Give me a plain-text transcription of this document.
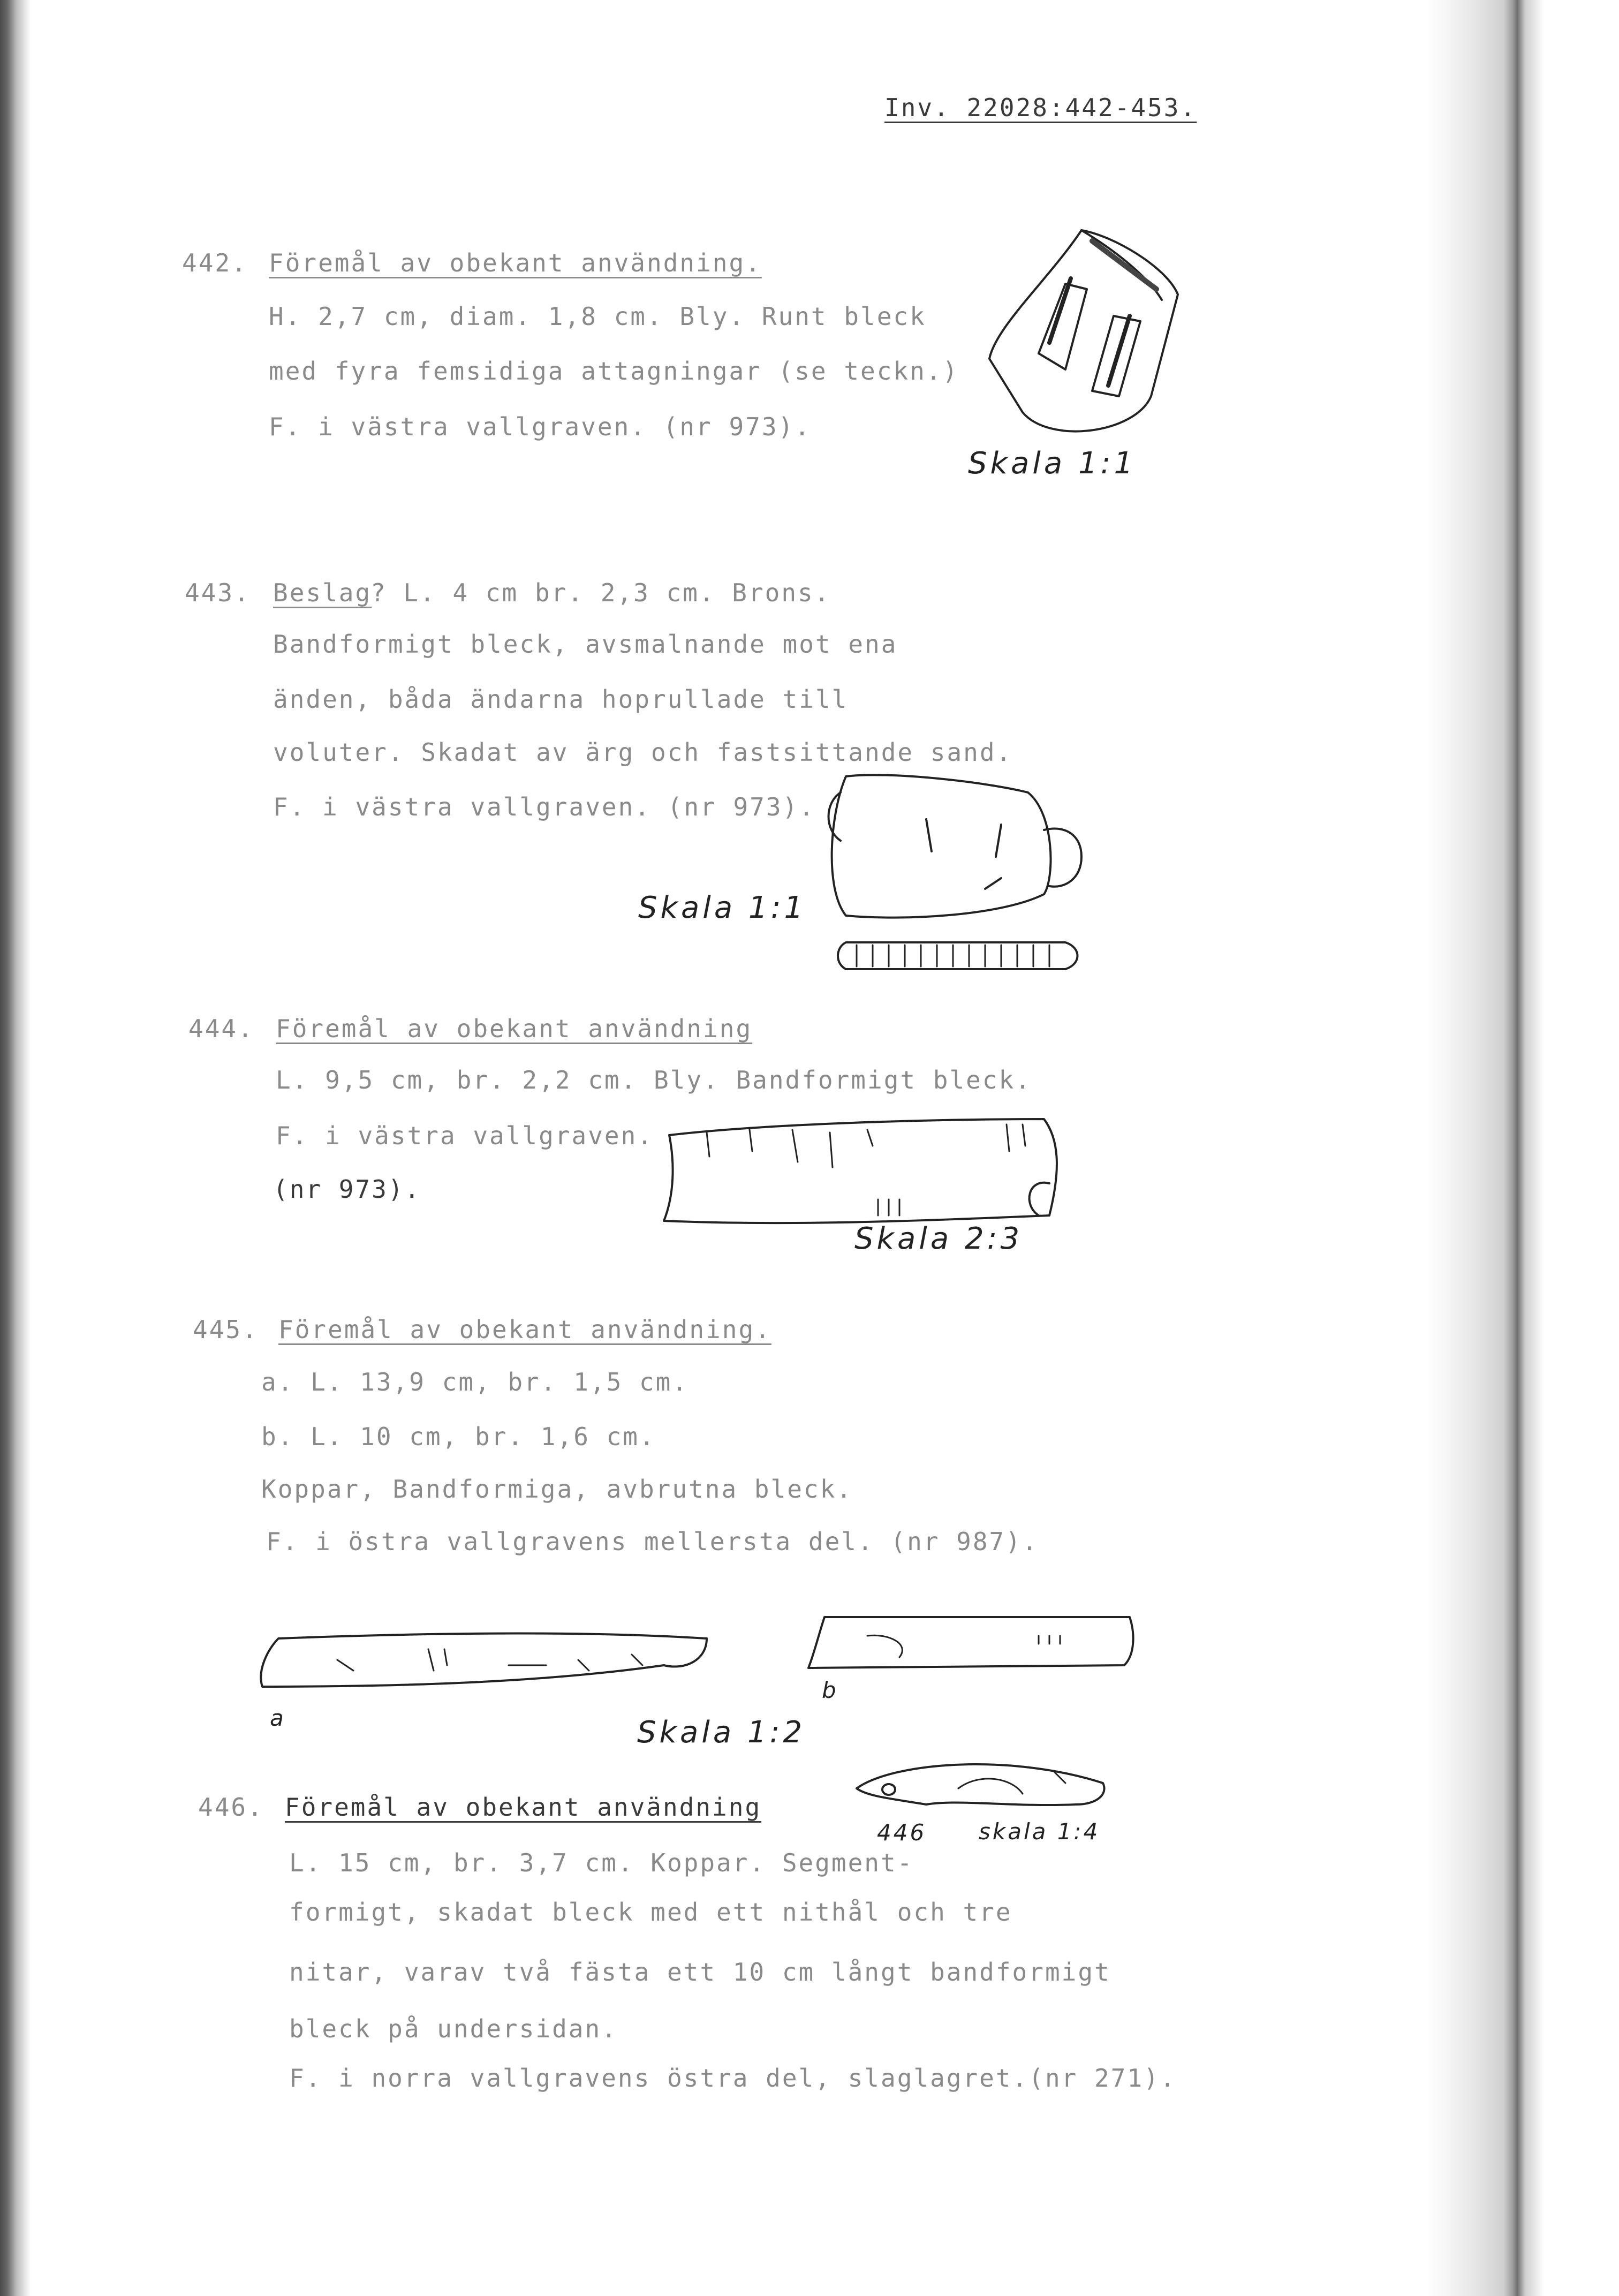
Inv. 22028:442-453.
442. Föremål av obekant användning.
H. 2,7 cm, diam. 1,8 cm. Bly. Runt bleck
med fyra femsidiga attagningar (se teckn.)
F. i västra vallgraven. (nr 973).
Skala 1:1
443. Beslag
? L. 4 cm br. 2,3 cm. Brons.
Bandformigt bleck, avsmalnande mot ena
änden, båda ändarna hoprullade till
voluter. Skadat av ärg och fastsittande sand.
F. i västra vallgraven. (nr 973).
Skala 1:1
444. Föremål av obekant användning
L. 9,5 cm, br. 2,2 cm. Bly. Bandformigt bleck.
F. i västra vallgraven.
(nr 973).
Skala 2:3
445. Föremål av obekant användning.
a. L. 13,9 cm, br. 1,5 cm.
b. L. 10 cm, br. 1,6 cm.
Koppar, Bandformiga, avbrutna bleck.
F. i östra vallgravens mellersta del. (nr 987).
a
b
Skala 1:2
446. Föremål av obekant användning
446 skala 1:4
L. 15 cm, br. 3,7 cm. Koppar. Segment-
formigt, skadat bleck med ett nithål och tre
nitar, varav två fästa ett 10 cm långt bandformigt
bleck på undersidan.
F. i norra vallgravens östra del, slaglagret.(nr 271).
